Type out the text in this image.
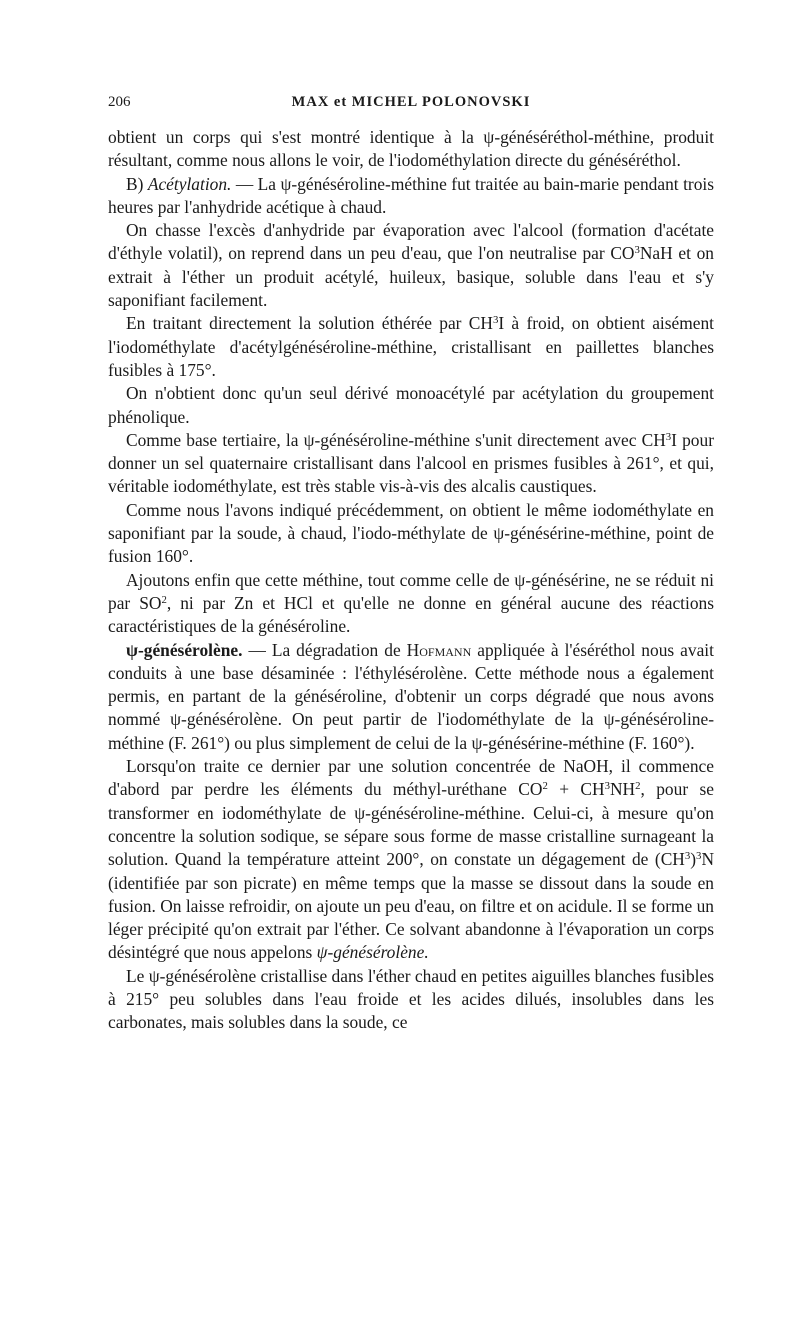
206	MAX et MICHEL POLONOVSKI

obtient un corps qui s'est montré identique à la ψ-généséréthol-méthine, produit résultant, comme nous allons le voir, de l'iodométhylation directe du généséréthol.

B) Acétylation. — La ψ-généséroline-méthine fut traitée au bain-marie pendant trois heures par l'anhydride acétique à chaud.

On chasse l'excès d'anhydride par évaporation avec l'alcool (formation d'acétate d'éthyle volatil), on reprend dans un peu d'eau, que l'on neutralise par $CO^3NaH$ et on extrait à l'éther un produit acétylé, huileux, basique, soluble dans l'eau et s'y saponifiant facilement.

En traitant directement la solution éthérée par $CH^3I$ à froid, on obtient aisément l'iodométhylate d'acétylgénéséroline-méthine, cristallisant en paillettes blanches fusibles à 175°.

On n'obtient donc qu'un seul dérivé monoacétylé par acétylation du groupement phénolique.

Comme base tertiaire, la ψ-généséroline-méthine s'unit directement avec $CH^3I$ pour donner un sel quaternaire cristallisant dans l'alcool en prismes fusibles à 261°, et qui, véritable iodométhylate, est très stable vis-à-vis des alcalis caustiques.

Comme nous l'avons indiqué précédemment, on obtient le même iodométhylate en saponifiant par la soude, à chaud, l'iodo-méthylate de ψ-génésérine-méthine, point de fusion 160°.

Ajoutons enfin que cette méthine, tout comme celle de ψ-génésérine, ne se réduit ni par $SO^2$, ni par Zn et HCl et qu'elle ne donne en général aucune des réactions caractéristiques de la généséroline.

ψ-génésérolène. — La dégradation de Hofmann appliquée à l'éséréthol nous avait conduits à une base désaminée : l'éthylésérolène. Cette méthode nous a également permis, en partant de la généséroline, d'obtenir un corps dégradé que nous avons nommé ψ-génésérolène. On peut partir de l'iodométhylate de la ψ-généséroline-méthine (F. 261°) ou plus simplement de celui de la ψ-génésérine-méthine (F. 160°).

Lorsqu'on traite ce dernier par une solution concentrée de NaOH, il commence d'abord par perdre les éléments du méthyl-uréthane $CO^2 + CH^3NH^2$, pour se transformer en iodométhylate de ψ-généséroline-méthine. Celui-ci, à mesure qu'on concentre la solution sodique, se sépare sous forme de masse cristalline surnageant la solution. Quand la température atteint 200°, on constate un dégagement de $(CH^3)^3N$ (identifiée par son picrate) en même temps que la masse se dissout dans la soude en fusion. On laisse refroidir, on ajoute un peu d'eau, on filtre et on acidule. Il se forme un léger précipité qu'on extrait par l'éther. Ce solvant abandonne à l'évaporation un corps désintégré que nous appelons ψ-génésérolène.

Le ψ-génésérolène cristallise dans l'éther chaud en petites aiguilles blanches fusibles à 215° peu solubles dans l'eau froide et les acides dilués, insolubles dans les carbonates, mais solubles dans la soude, ce
